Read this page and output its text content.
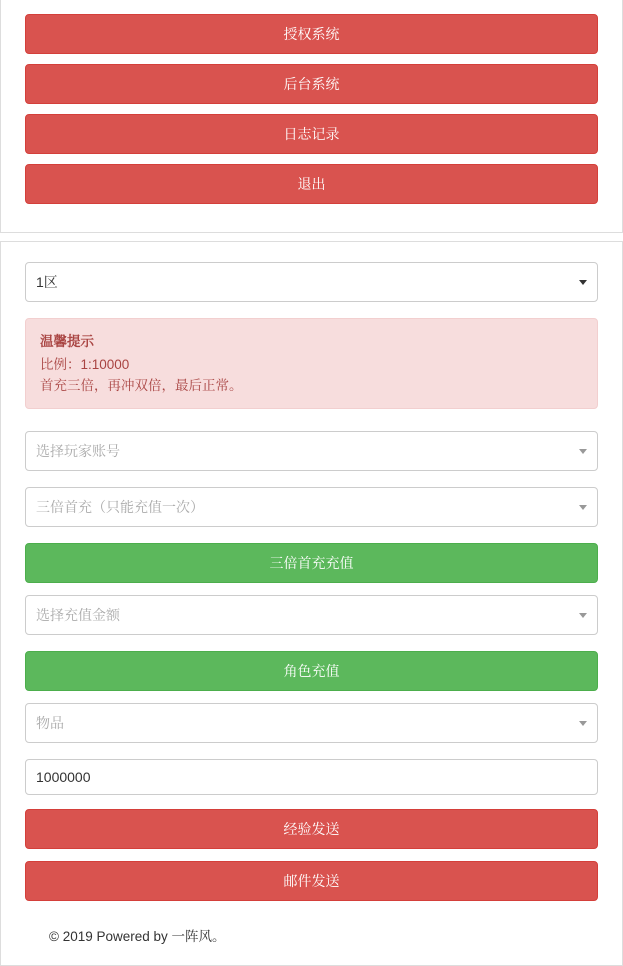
授权系统
后台系统
日志记录
退出
1区
温馨提示
比例：1:10000
首充三倍，再冲双倍，最后正常。
选择玩家账号
三倍首充（只能充值一次）
三倍首充充值
选择充值金额
角色充值
物品
1000000
经验发送
邮件发送
© 2019 Powered by 一阵风。
